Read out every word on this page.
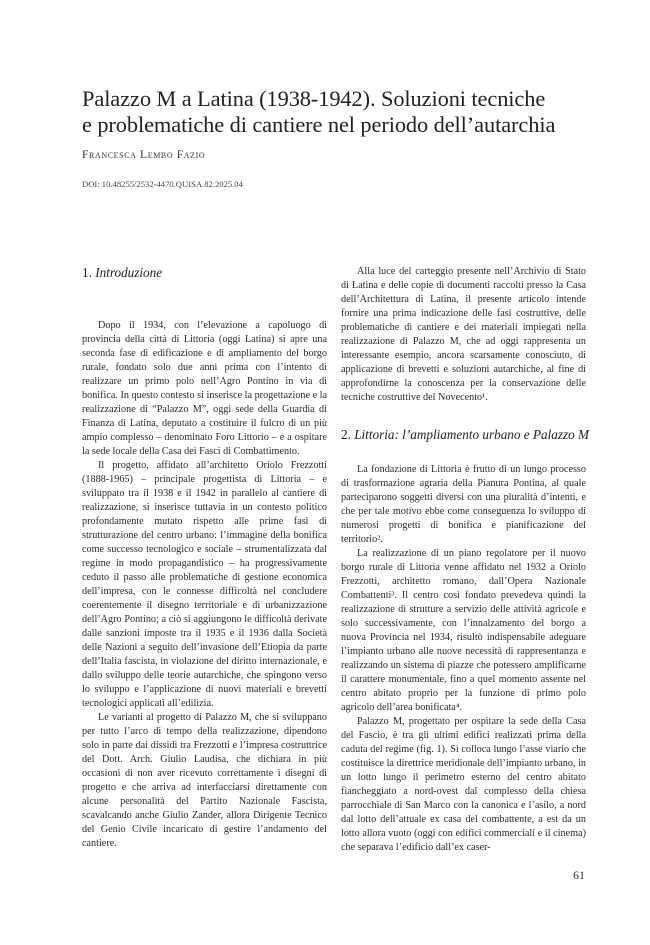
Palazzo M a Latina (1938-1942). Soluzioni tecniche
e problematiche di cantiere nel periodo dell’autarchia
Francesca Lembo Fazio
DOI: 10.48255/2532-4470.QUISA.82.2025.04
1. Introduzione

Dopo il 1934, con l’elevazione a capoluogo di provincia della città di Littoria (oggi Latina) si apre una seconda fase di edificazione e di ampliamento del borgo rurale, fondato solo due anni prima con l’intento di realizzare un primo polo nell’Agro Pontino in via di bonifica. In questo contesto si inserisce la progettazione e la realizzazione di “Palazzo M”, oggi sede della Guardia di Finanza di Latina, deputato a costituire il fulcro di un più ampio complesso – denominato Foro Littorio – e a ospitare la sede locale della Casa dei Fasci di Combattimento.

Il progetto, affidato all’architetto Oriolo Frezzotti (1888-1965) – principale progettista di Littoria – e sviluppato tra il 1938 e il 1942 in parallelo al cantiere di realizzazione, si inserisce tuttavia in un contesto politico profondamente mutato rispetto alle prime fasi di strutturazione del centro urbano: l’immagine della bonifica come successo tecnologico e sociale – strumentalizzata dal regime in modo propagandistico – ha progressivamente ceduto il passo alle problematiche di gestione economica dell’impresa, con le connesse difficoltà nel concludere coerentemente il disegno territoriale e di urbanizzazione dell’Agro Pontino; a ciò si aggiungono le difficoltà derivate dalle sanzioni imposte tra il 1935 e il 1936 dalla Società delle Nazioni a seguito dell’invasione dell’Etiopia da parte dell’Italia fascista, in violazione del diritto internazionale, e dallo sviluppo delle teorie autarchiche, che spingono verso lo sviluppo e l’applicazione di nuovi materiali e brevetti tecnologici applicati all’edilizia.

Le varianti al progetto di Palazzo M, che si sviluppano per tutto l’arco di tempo della realizzazione, dipendono solo in parte dai dissidi tra Frezzotti e l’impresa costruttrice del Dott. Arch. Giulio Laudisa, che dichiara in più occasioni di non aver ricevuto correttamente i disegni di progetto e che arriva ad interfacciarsi direttamente con alcune personalità del Partito Nazionale Fascista, scavalcando anche Giulio Zander, allora Dirigente Tecnico del Genio Civile incaricato di gestire l’andamento del cantiere.

Alla luce del carteggio presente nell’Archivio di Stato di Latina e delle copie di documenti raccolti presso la Casa dell’Architettura di Latina, il presente articolo intende fornire una prima indicazione delle fasi costruttive, delle problematiche di cantiere e dei materiali impiegati nella realizzazione di Palazzo M, che ad oggi rappresenta un interessante esempio, ancora scarsamente conosciuto, di applicazione di brevetti e soluzioni autarchiche, al fine di approfondirne la conoscenza per la conservazione delle tecniche costruttive del Novecento¹.

2. Littoria: l’ampliamento urbano e Palazzo M

La fondazione di Littoria è frutto di un lungo processo di trasformazione agraria della Pianura Pontina, al quale parteciparono soggetti diversi con una pluralità d’intenti, e che per tale motivo ebbe come conseguenza lo sviluppo di numerosi progetti di bonifica e pianificazione del territorio².

La realizzazione di un piano regolatore per il nuovo borgo rurale di Littoria venne affidato nel 1932 a Oriolo Frezzotti, architetto romano, dall’Opera Nazionale Combattenti³. Il centro così fondato prevedeva quindi la realizzazione di strutture a servizio delle attività agricole e solo successivamente, con l’innalzamento del borgo a nuova Provincia nel 1934, risultò indispensabile adeguare l’impianto urbano alle nuove necessità di rappresentanza e realizzando un sistema di piazze che potessero amplificarne il carattere monumentale, fino a quel momento assente nel centro abitato proprio per la funzione di primo polo agricolo dell’area bonificata⁴.

Palazzo M, progettato per ospitare la sede della Casa del Fascio, è tra gli ultimi edifici realizzati prima della caduta del regime (fig. 1). Si colloca lungo l’asse viario che costituisce la direttrice meridionale dell’impianto urbano, in un lotto lungo il perimetro esterno del centro abitato fiancheggiato a nord-ovest dal complesso della chiesa parrocchiale di San Marco con la canonica e l’asilo, a nord dal lotto dell’attuale ex casa del combattente, a est da un lotto allora vuoto (oggi con edifici commerciali e il cinema) che separava l’edificio dall’ex caser-

61
